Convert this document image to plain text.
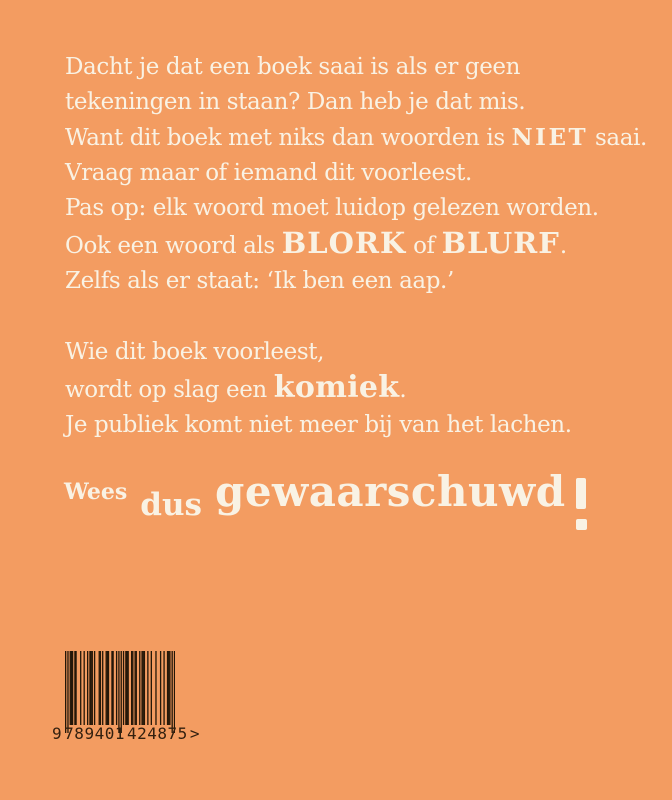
Dacht je dat een boek saai is als er geen
tekeningen in staan? Dan heb je dat mis.
Want dit boek met niks dan woorden is NIET saai.
Vraag maar of iemand dit voorleest.
Pas op: elk woord moet luidop gelezen worden.
Ook een woord als BLORK of BLURF.
Zelfs als er staat: ‘Ik ben een aap.’
Wie dit boek voorleest,
wordt op slag een komiek.
Je publiek komt niet meer bij van het lachen.
Wees dus gewaarschuwd
9 789401 424875 >
